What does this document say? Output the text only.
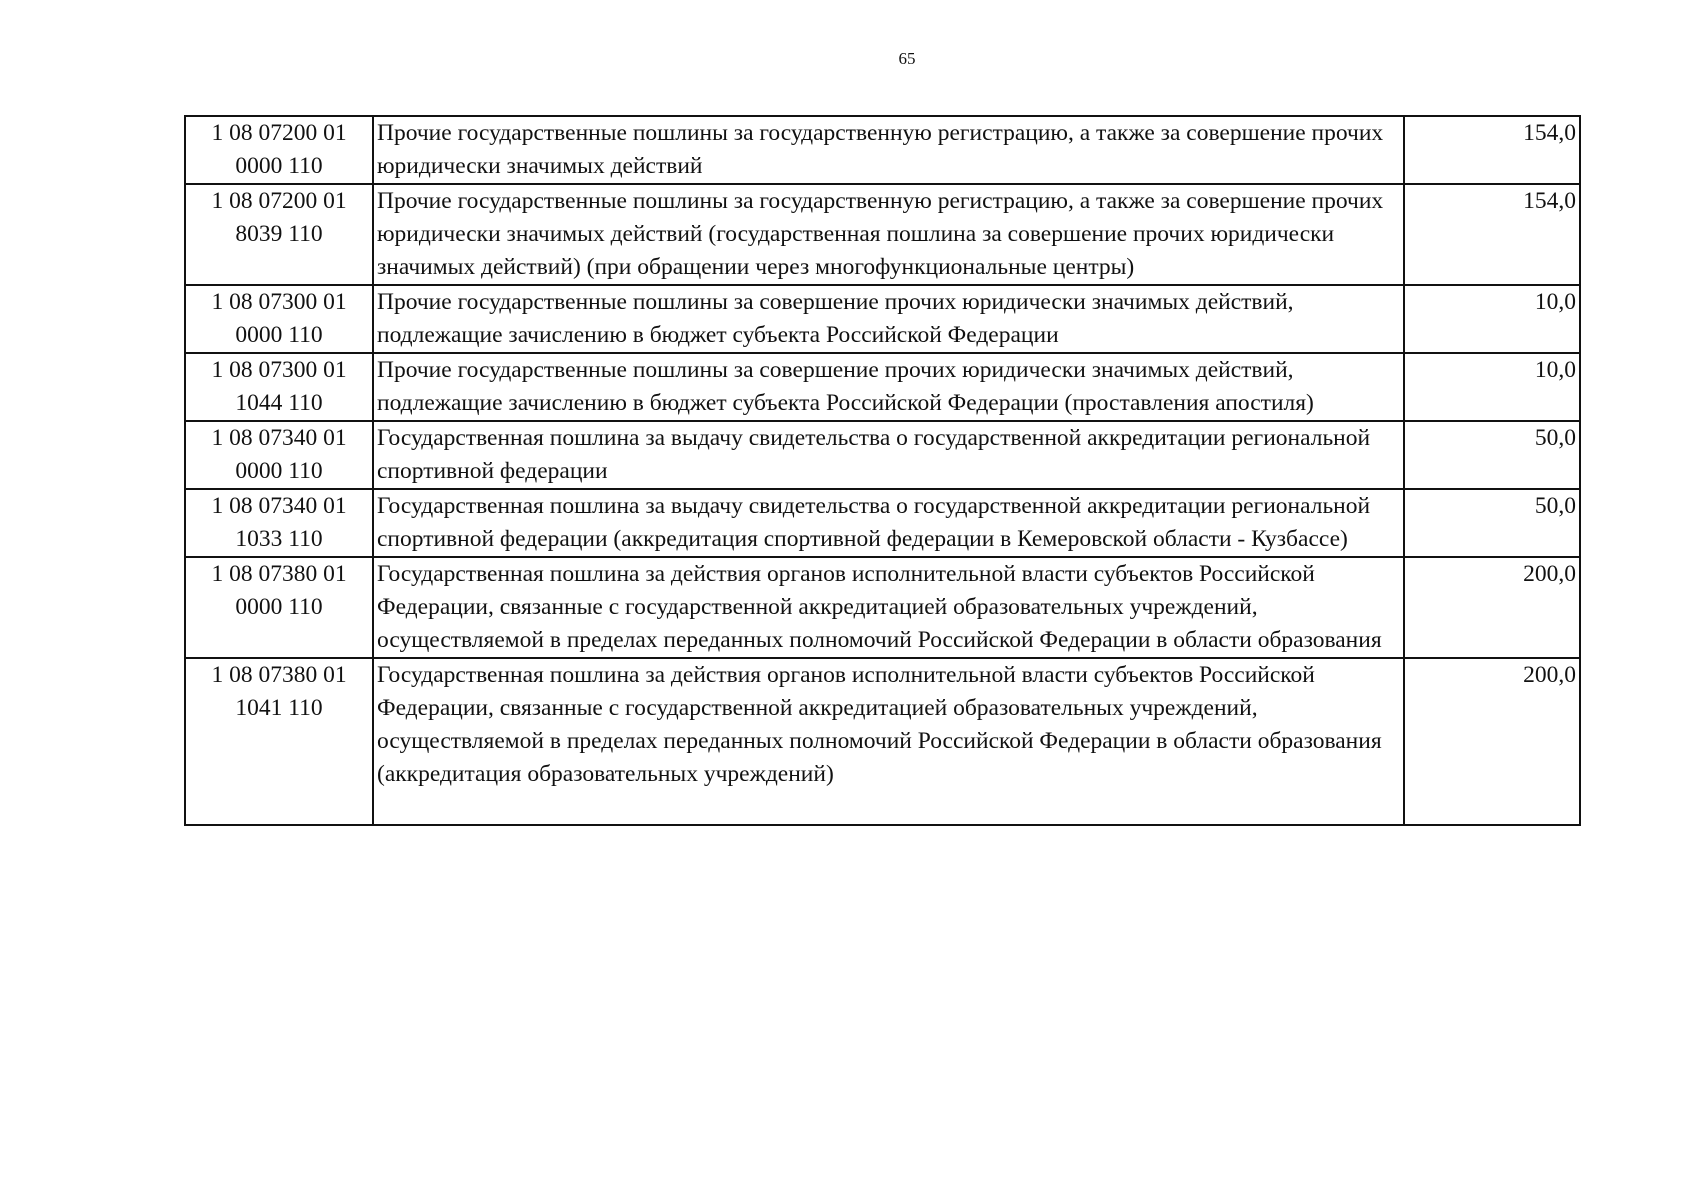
65
1 08 07200 01
0000 110	Прочие государственные пошлины за государственную регистрацию, а также за совершение прочих юридически значимых действий	154,0

1 08 07200 01
8039 110	Прочие государственные пошлины за государственную регистрацию, а также за совершение прочих юридически значимых действий (государственная пошлина за совершение прочих юридически значимых действий) (при обращении через многофункциональные центры)	154,0

1 08 07300 01
0000 110	Прочие государственные пошлины за совершение прочих юридически значимых действий, подлежащие зачислению в бюджет субъекта Российской Федерации	10,0

1 08 07300 01
1044 110	Прочие государственные пошлины за совершение прочих юридически значимых действий, подлежащие зачислению в бюджет субъекта Российской Федерации (проставления апостиля)	10,0

1 08 07340 01
0000 110	Государственная пошлина за выдачу свидетельства о государственной аккредитации региональной спортивной федерации	50,0

1 08 07340 01
1033 110	Государственная пошлина за выдачу свидетельства о государственной аккредитации региональной спортивной федерации (аккредитация спортивной федерации в Кемеровской области - Кузбассе)	50,0

1 08 07380 01
0000 110	Государственная пошлина за действия органов исполнительной власти субъектов Российской Федерации, связанные с государственной аккредитацией образовательных учреждений, осуществляемой в пределах переданных полномочий Российской Федерации в области образования	200,0

1 08 07380 01
1041 110	Государственная пошлина за действия органов исполнительной власти субъектов Российской Федерации, связанные с государственной аккредитацией образовательных учреждений, осуществляемой в пределах переданных полномочий Российской Федерации в области образования (аккредитация образовательных учреждений)	200,0
